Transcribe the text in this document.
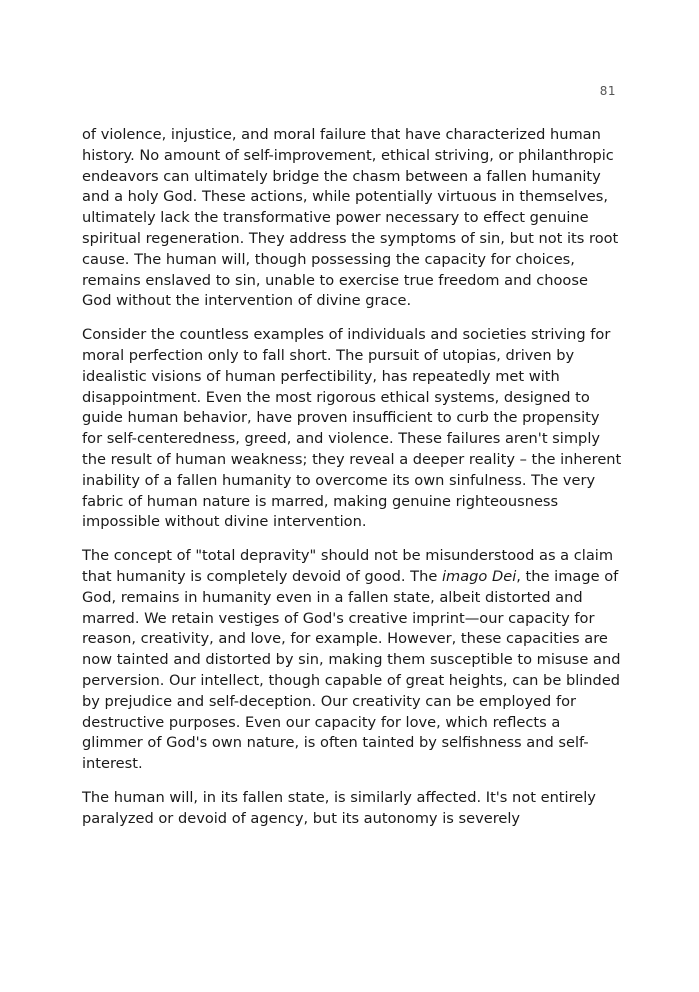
81

of violence, injustice, and moral failure that have characterized human history. No amount of self-improvement, ethical striving, or philanthropic endeavors can ultimately bridge the chasm between a fallen humanity and a holy God. These actions, while potentially virtuous in themselves, ultimately lack the transformative power necessary to effect genuine spiritual regeneration. They address the symptoms of sin, but not its root cause. The human will, though possessing the capacity for choices, remains enslaved to sin, unable to exercise true freedom and choose God without the intervention of divine grace.

Consider the countless examples of individuals and societies striving for moral perfection only to fall short. The pursuit of utopias, driven by idealistic visions of human perfectibility, has repeatedly met with disappointment. Even the most rigorous ethical systems, designed to guide human behavior, have proven insufficient to curb the propensity for self-centeredness, greed, and violence. These failures aren't simply the result of human weakness; they reveal a deeper reality – the inherent inability of a fallen humanity to overcome its own sinfulness. The very fabric of human nature is marred, making genuine righteousness impossible without divine intervention.

The concept of "total depravity" should not be misunderstood as a claim that humanity is completely devoid of good. The imago Dei, the image of God, remains in humanity even in a fallen state, albeit distorted and marred. We retain vestiges of God's creative imprint—our capacity for reason, creativity, and love, for example. However, these capacities are now tainted and distorted by sin, making them susceptible to misuse and perversion. Our intellect, though capable of great heights, can be blinded by prejudice and self-deception. Our creativity can be employed for destructive purposes. Even our capacity for love, which reflects a glimmer of God's own nature, is often tainted by selfishness and self-interest.

The human will, in its fallen state, is similarly affected. It's not entirely paralyzed or devoid of agency, but its autonomy is severely
